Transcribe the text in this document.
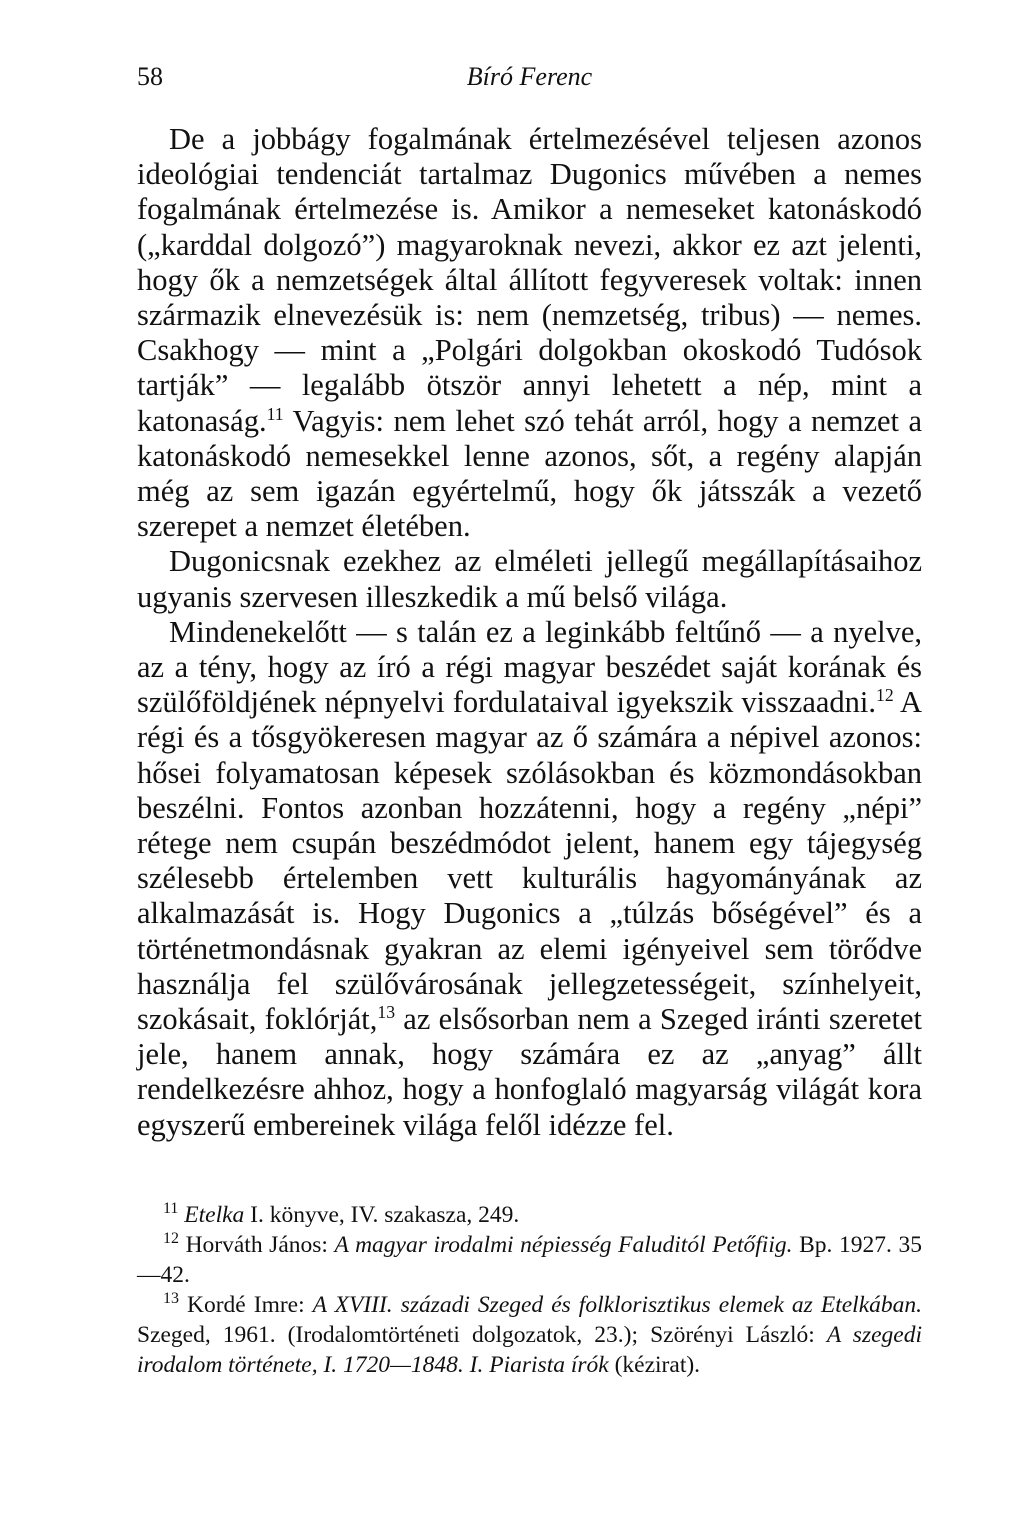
58	Bíró Ferenc

De a jobbágy fogalmának értelmezésével teljesen azonos ideológiai tendenciát tartalmaz Dugonics művében a nemes fogalmának értelmezése is. Amikor a nemeseket katonáskodó („karddal dolgozó”) magyaroknak nevezi, akkor ez azt jelenti, hogy ők a nemzetségek által állított fegyveresek voltak: innen származik elnevezésük is: nem (nemzetség, tribus) — nemes. Csakhogy — mint a „Polgári dolgokban okoskodó Tudósok tartják” — legalább ötször annyi lehetett a nép, mint a katonaság.$^{11}$ Vagyis: nem lehet szó tehát arról, hogy a nemzet a katonáskodó nemesekkel lenne azonos, sőt, a regény alapján még az sem igazán egyértelmű, hogy ők játsszák a vezető szerepet a nemzet életében.

Dugonicsnak ezekhez az elméleti jellegű megállapításaihoz ugyanis szervesen illeszkedik a mű belső világa.

Mindenekelőtt — s talán ez a leginkább feltűnő — a nyelve, az a tény, hogy az író a régi magyar beszédet saját korának és szülőföldjének népnyelvi fordulataival igyekszik visszaadni.$^{12}$ A régi és a tősgyökeresen magyar az ő számára a népivel azonos: hősei folyamatosan képesek szólásokban és közmondásokban beszélni. Fontos azonban hozzátenni, hogy a regény „népi” rétege nem csupán beszédmódot jelent, hanem egy tájegység szélesebb értelemben vett kulturális hagyományának az alkalmazását is. Hogy Dugonics a „túlzás bőségével” és a történetmondásnak gyakran az elemi igényeivel sem törődve használja fel szülővárosának jellegzetességeit, színhelyeit, szokásait, foklórját,$^{13}$ az elsősorban nem a Szeged iránti szeretet jele, hanem annak, hogy számára ez az „anyag” állt rendelkezésre ahhoz, hogy a honfoglaló magyarság világát kora egyszerű embereinek világa felől idézze fel.

$^{11}$ Etelka I. könyve, IV. szakasza, 249.

$^{12}$ Horváth János: A magyar irodalmi népiesség Faluditól Petőfiig. Bp. 1927. 35—42.

$^{13}$ Kordé Imre: A XVIII. századi Szeged és folklorisztikus elemek az Etelkában. Szeged, 1961. (Irodalomtörténeti dolgozatok, 23.); Szörényi László: A szegedi irodalom története, I. 1720—1848. I. Piarista írók (kézirat).
